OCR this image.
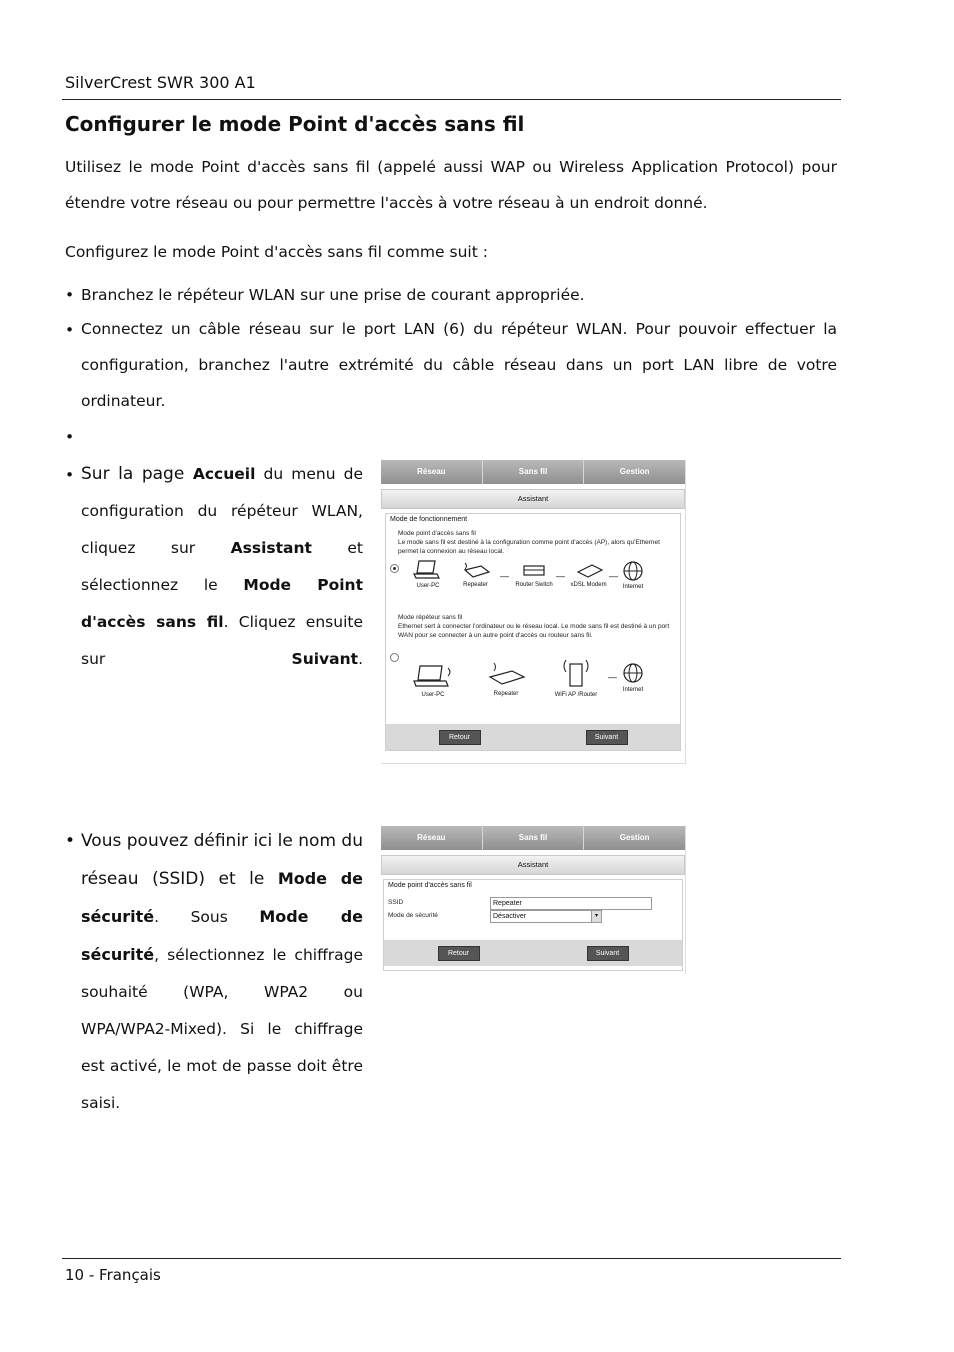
SilverCrest SWR 300 A1
Configurer le mode Point d'accès sans fil
Utilisez le mode Point d'accès sans fil (appelé aussi WAP ou Wireless Application Protocol) pour étendre votre réseau ou pour permettre l'accès à votre réseau à un endroit donné.
Configurez le mode Point d'accès sans fil comme suit :
• Branchez le répéteur WLAN sur une prise de courant appropriée.
• Connectez un câble réseau sur le port LAN (6) du répéteur WLAN. Pour pouvoir effectuer la configuration, branchez l'autre extrémité du câble réseau dans un port LAN libre de votre ordinateur.
•
• Sur la page Accueil du menu de configuration du répéteur WLAN, cliquez sur Assistant et sélectionnez le Mode Point d'accès sans fil. Cliquez ensuite sur Suivant.
• Vous pouvez définir ici le nom du réseau (SSID) et le Mode de sécurité. Sous Mode de sécurité, sélectionnez le chiffrage souhaité (WPA, WPA2 ou WPA/WPA2-Mixed). Si le chiffrage est activé, le mot de passe doit être saisi.
Réseau	Sans fil	Gestion
Assistant
Mode de fonctionnement
Mode point d'accès sans fil
Le mode sans fil est destiné à la configuration comme point d'accès (AP), alors qu'Ethernet permet la connexion au réseau local.
User-PC	Repeater
—
Router Switch
—
xDSL Modem
—
Internet
Mode répéteur sans fil
Ethernet sert à connecter l'ordinateur ou le réseau local. Le mode sans fil est destiné à un port WAN pour se connecter à un autre point d'accès ou routeur sans fil.
User-PC	Repeater	WiFi AP /Router
—
Internet
Retour	Suivant
Réseau	Sans fil	Gestion
Assistant
Mode point d'accès sans fil
SSID	Repeater
Mode de sécurité	Désactiver	▾
Retour	Suivant
10 - Français
